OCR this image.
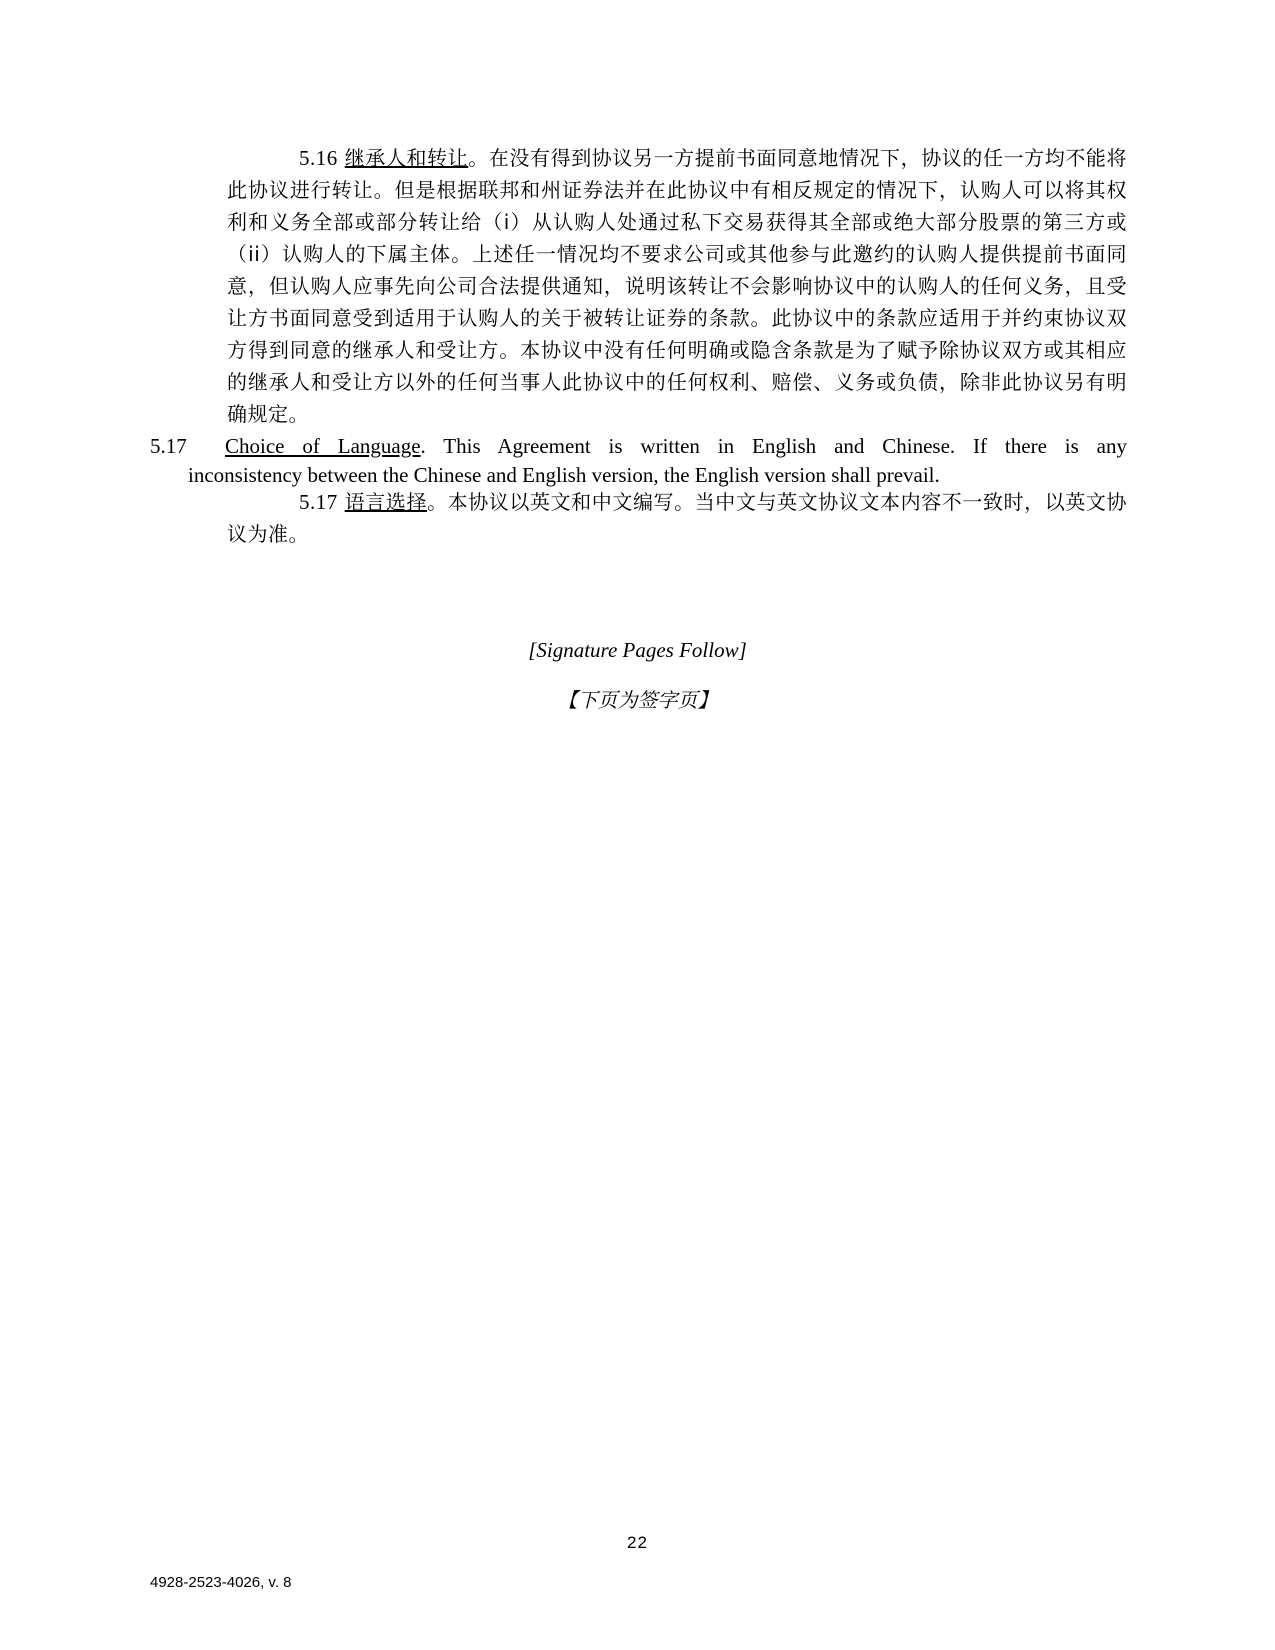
5.16 继承人和转让。在没有得到协议另一方提前书面同意地情况下，协议的任一方均不能将此协议进行转让。但是根据联邦和州证券法并在此协议中有相反规定的情况下，认购人可以将其权利和义务全部或部分转让给（i）从认购人处通过私下交易获得其全部或绝大部分股票的第三方或（ii）认购人的下属主体。上述任一情况均不要求公司或其他参与此邀约的认购人提供提前书面同意，但认购人应事先向公司合法提供通知，说明该转让不会影响协议中的认购人的任何义务，且受让方书面同意受到适用于认购人的关于被转让证券的条款。此协议中的条款应适用于并约束协议双方得到同意的继承人和受让方。本协议中没有任何明确或隐含条款是为了赋予除协议双方或其相应的继承人和受让方以外的任何当事人此协议中的任何权利、赔偿、义务或负债，除非此协议另有明确规定。
5.17 Choice of Language. This Agreement is written in English and Chinese. If there is any
inconsistency between the Chinese and English version, the English version shall prevail.
5.17 语言选择。本协议以英文和中文编写。当中文与英文协议文本内容不一致时，以英文协议为准。
[Signature Pages Follow]
【下页为签字页】
22
4928-2523-4026, v. 8
